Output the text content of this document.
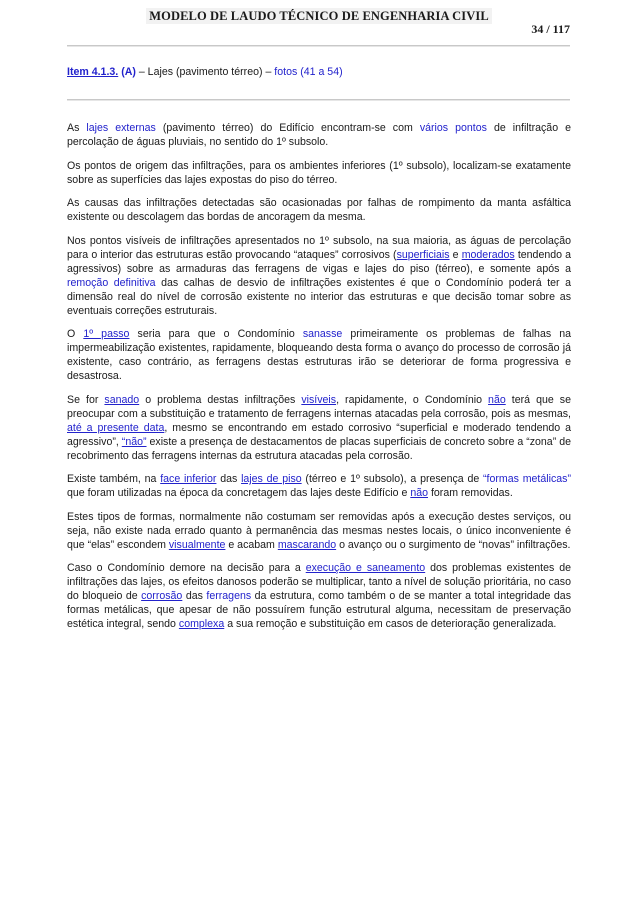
MODELO DE LAUDO TÉCNICO DE ENGENHARIA CIVIL
34 / 117
Item 4.1.3. (A) – Lajes (pavimento térreo) – fotos (41 a 54)

As lajes externas (pavimento térreo) do Edifício encontram-se com vários pontos de infiltração e percolação de águas pluviais, no sentido do 1º subsolo.

Os pontos de origem das infiltrações, para os ambientes inferiores (1º subsolo), localizam-se exatamente sobre as superfícies das lajes expostas do piso do térreo.

As causas das infiltrações detectadas são ocasionadas por falhas de rompimento da manta asfáltica existente ou descolagem das bordas de ancoragem da mesma.

Nos pontos visíveis de infiltrações apresentados no 1º subsolo, na sua maioria, as águas de percolação para o interior das estruturas estão provocando “ataques” corrosivos (superficiais e moderados tendendo a agressivos) sobre as armaduras das ferragens de vigas e lajes do piso (térreo), e somente após a remoção definitiva das calhas de desvio de infiltrações existentes é que o Condomínio poderá ter a dimensão real do nível de corrosão existente no interior das estruturas e que decisão tomar sobre as eventuais correções estruturais.

O 1º passo seria para que o Condomínio sanasse primeiramente os problemas de falhas na impermeabilização existentes, rapidamente, bloqueando desta forma o avanço do processo de corrosão já existente, caso contrário, as ferragens destas estruturas irão se deteriorar de forma progressiva e desastrosa.

Se for sanado o problema destas infiltrações visíveis, rapidamente, o Condomínio não terá que se preocupar com a substituição e tratamento de ferragens internas atacadas pela corrosão, pois as mesmas, até a presente data, mesmo se encontrando em estado corrosivo “superficial e moderado tendendo a agressivo”, “não” existe a presença de destacamentos de placas superficiais de concreto sobre a “zona” de recobrimento das ferragens internas da estrutura atacadas pela corrosão.

Existe também, na face inferior das lajes de piso (térreo e 1º subsolo), a presença de “formas metálicas” que foram utilizadas na época da concretagem das lajes deste Edifício e não foram removidas.

Estes tipos de formas, normalmente não costumam ser removidas após a execução destes serviços, ou seja, não existe nada errado quanto à permanência das mesmas nestes locais, o único inconveniente é que “elas” escondem visualmente e acabam mascarando o avanço ou o surgimento de “novas” infiltrações.

Caso o Condomínio demore na decisão para a execução e saneamento dos problemas existentes de infiltrações das lajes, os efeitos danosos poderão se multiplicar, tanto a nível de solução prioritária, no caso do bloqueio de corrosão das ferragens da estrutura, como também o de se manter a total integridade das formas metálicas, que apesar de não possuírem função estrutural alguma, necessitam de preservação estética integral, sendo complexa a sua remoção e substituição em casos de deterioração generalizada.
